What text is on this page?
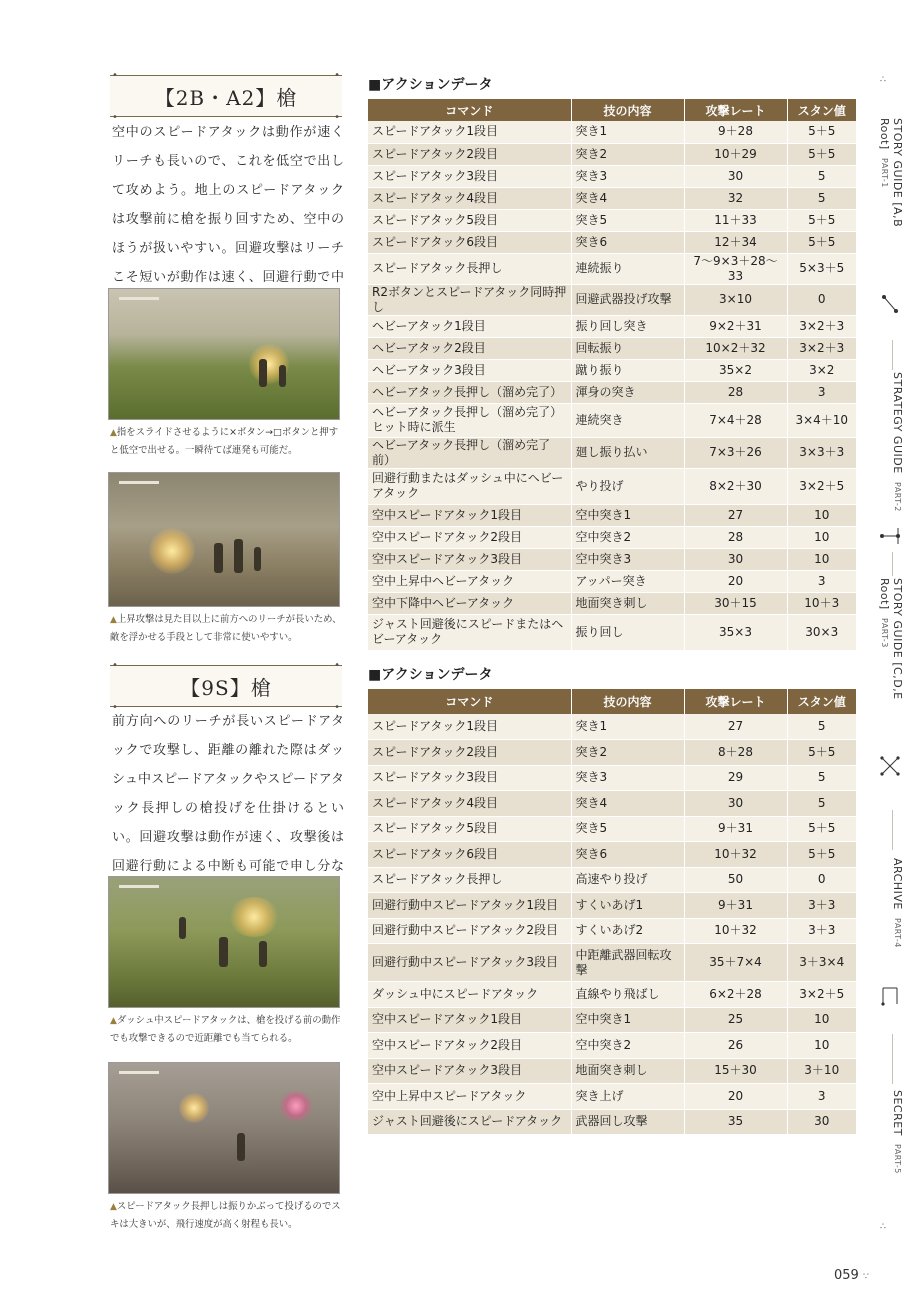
•	•
•	•
【2B・A2】槍
空中のスピードアタックは動作が速くリーチも長いので、これを低空で出して攻めよう。地上のスピードアタックは攻撃前に槍を振り回すため、空中のほうが扱いやすい。回避攻撃はリーチこそ短いが動作は速く、回避行動で中
▲指をスライドさせるように×ボタン→□ボタンと押すと低空で出せる。一瞬待てば連発も可能だ。
▲上昇攻撃は見た目以上に前方へのリーチが長いため、敵を浮かせる手段として非常に使いやすい。
•	•
•	•
【9S】槍
前方向へのリーチが長いスピードアタックで攻撃し、距離の離れた際はダッシュ中スピードアタックやスピードアタック長押しの槍投げを仕掛けるといい。回避攻撃は動作が速く、攻撃後は回避行動による中断も可能で申し分な
▲ダッシュ中スピードアタックは、槍を投げる前の動作でも攻撃できるので近距離でも当てられる。
▲スピードアタック長押しは振りかぶって投げるのでスキは大きいが、飛行速度が高く射程も長い。
■アクションデータ
コマンド	技の内容	攻撃レート	スタン値
スピードアタック1段目	突き1	9＋28	5＋5
スピードアタック2段目	突き2	10＋29	5＋5
スピードアタック3段目	突き3	30	5
スピードアタック4段目	突き4	32	5
スピードアタック5段目	突き5	11＋33	5＋5
スピードアタック6段目	突き6	12＋34	5＋5
スピードアタック長押し	連続振り	7〜9×3＋28〜33	5×3＋5
R2ボタンとスピードアタック同時押し	回避武器投げ攻撃	3×10	0
ヘビーアタック1段目	振り回し突き	9×2＋31	3×2＋3
ヘビーアタック2段目	回転振り	10×2＋32	3×2＋3
ヘビーアタック3段目	蹴り振り	35×2	3×2
ヘビーアタック長押し（溜め完了）	渾身の突き	28	3
ヘビーアタック長押し（溜め完了）ヒット時に派生	連続突き	7×4＋28	3×4＋10
ヘビーアタック長押し（溜め完了前）	廻し振り払い	7×3＋26	3×3＋3
回避行動またはダッシュ中にヘビーアタック	やり投げ	8×2＋30	3×2＋5
空中スピードアタック1段目	空中突き1	27	10
空中スピードアタック2段目	空中突き2	28	10
空中スピードアタック3段目	空中突き3	30	10
空中上昇中ヘビーアタック	アッパー突き	20	3
空中下降中ヘビーアタック	地面突き刺し	30＋15	10＋3
ジャスト回避後にスピードまたはヘビーアタック	振り回し	35×3	30×3
■アクションデータ
コマンド	技の内容	攻撃レート	スタン値
スピードアタック1段目	突き1	27	5
スピードアタック2段目	突き2	8＋28	5＋5
スピードアタック3段目	突き3	29	5
スピードアタック4段目	突き4	30	5
スピードアタック5段目	突き5	9＋31	5＋5
スピードアタック6段目	突き6	10＋32	5＋5
スピードアタック長押し	高速やり投げ	50	0
回避行動中スピードアタック1段目	すくいあげ1	9＋31	3＋3
回避行動中スピードアタック2段目	すくいあげ2	10＋32	3＋3
回避行動中スピードアタック3段目	中距離武器回転攻撃	35＋7×4	3＋3×4
ダッシュ中にスピードアタック	直線やり飛ばし	6×2＋28	3×2＋5
空中スピードアタック1段目	空中突き1	25	10
空中スピードアタック2段目	空中突き2	26	10
空中スピードアタック3段目	地面突き刺し	15＋30	3＋10
空中上昇中スピードアタック	突き上げ	20	3
ジャスト回避後にスピードアタック	武器回し攻撃	35	30
∴
STORY GUIDE [A,B Root]PART-1
STRATEGY GUIDEPART-2
STORY GUIDE [C,D,E Root]PART-3
ARCHIVEPART-4
SECRETPART-5
∴
059 ∵
